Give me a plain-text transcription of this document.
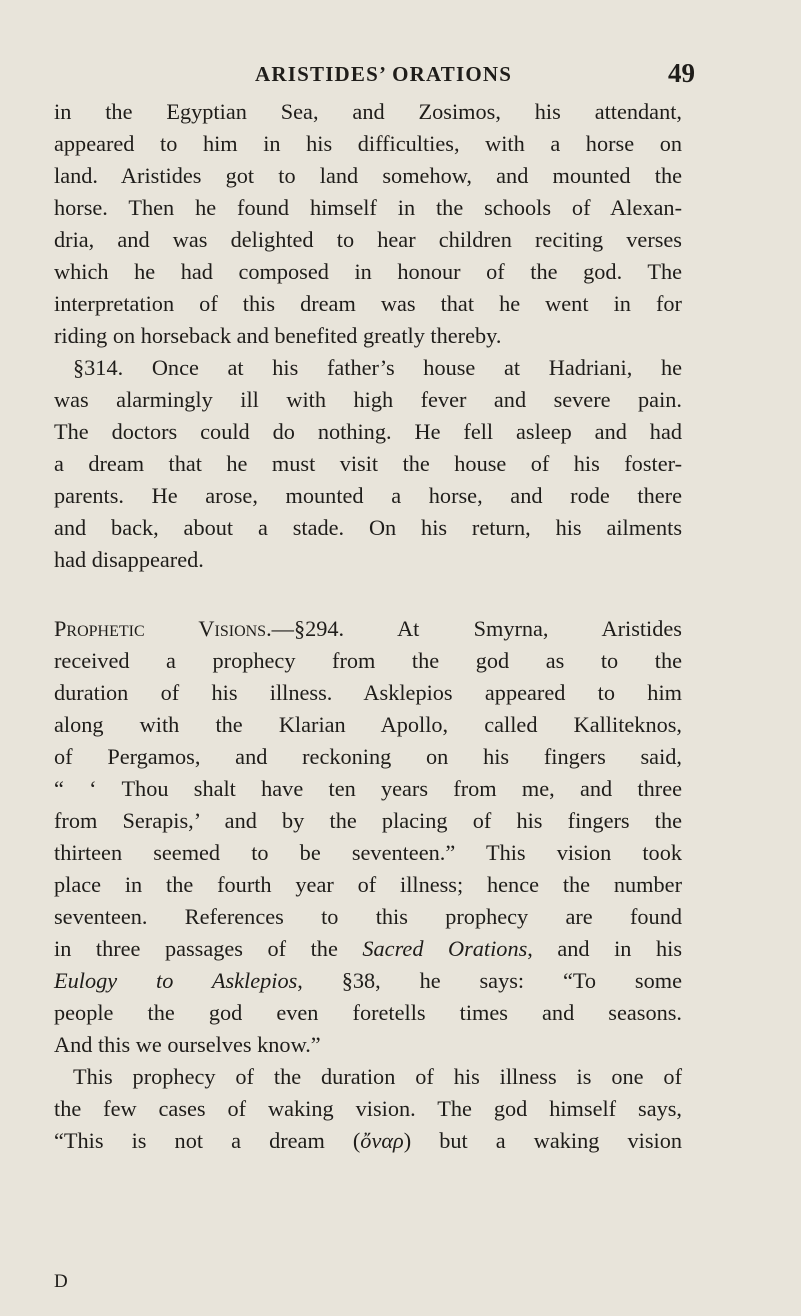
ARISTIDES’ ORATIONS	49
in the Egyptian Sea, and Zosimos, his attendant,
appeared to him in his difficulties, with a horse on
land. Aristides got to land somehow, and mounted the
horse. Then he found himself in the schools of Alexan-
dria, and was delighted to hear children reciting verses
which he had composed in honour of the god. The
interpretation of this dream was that he went in for
riding on horseback and benefited greatly thereby.
§314. Once at his father’s house at Hadriani, he
was alarmingly ill with high fever and severe pain.
The doctors could do nothing. He fell asleep and had
a dream that he must visit the house of his foster-
parents. He arose, mounted a horse, and rode there
and back, about a stade. On his return, his ailments
had disappeared.
Prophetic Visions.—§294. At Smyrna, Aristides
received a prophecy from the god as to the
duration of his illness. Asklepios appeared to him
along with the Klarian Apollo, called Kalliteknos,
of Pergamos, and reckoning on his fingers said,
“ ‘ Thou shalt have ten years from me, and three
from Serapis,’ and by the placing of his fingers the
thirteen seemed to be seventeen.” This vision took
place in the fourth year of illness; hence the number
seventeen. References to this prophecy are found
in three passages of the Sacred Orations, and in his
Eulogy to Asklepios, §38, he says: “To some
people the god even foretells times and seasons.
And this we ourselves know.”
This prophecy of the duration of his illness is one of
the few cases of waking vision. The god himself says,
“This is not a dream (ὄναρ) but a waking vision
D
